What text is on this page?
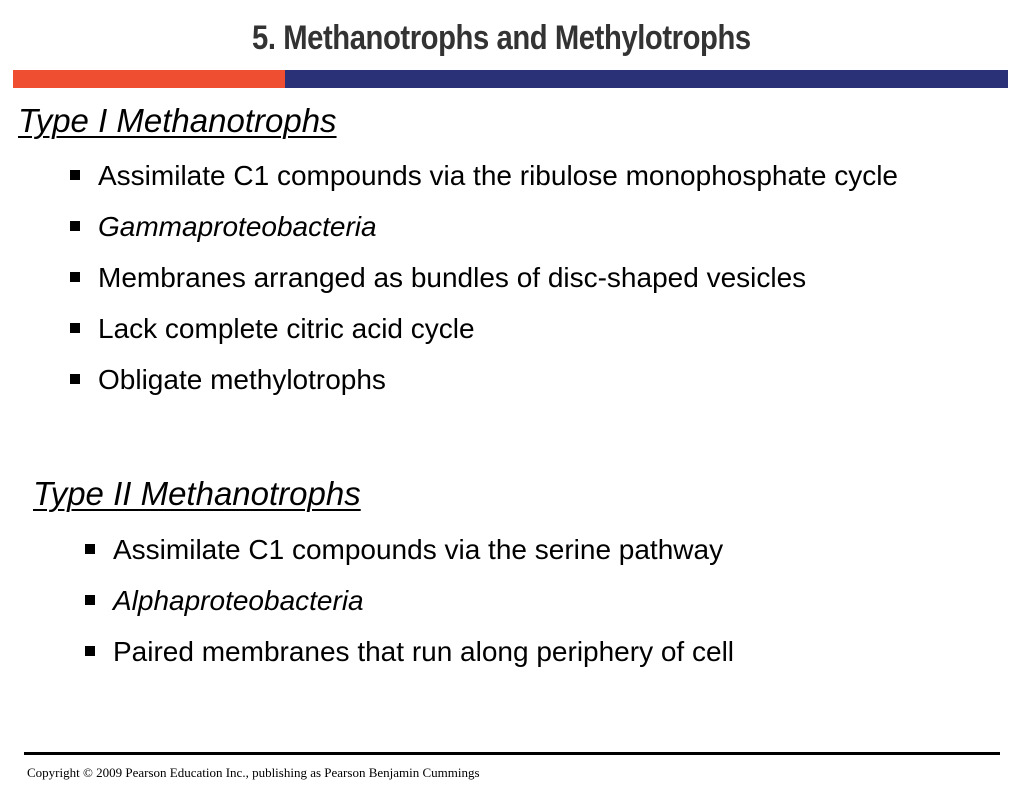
5. Methanotrophs and Methylotrophs
Type I Methanotrophs
Assimilate C1 compounds via the ribulose monophosphate cycle
Gammaproteobacteria
Membranes arranged as bundles of disc-shaped vesicles
Lack complete citric acid cycle
Obligate methylotrophs
Type II Methanotrophs
Assimilate C1 compounds via the serine pathway
Alphaproteobacteria
Paired membranes that run along periphery of cell

Copyright © 2009 Pearson Education Inc., publishing as Pearson Benjamin Cummings
